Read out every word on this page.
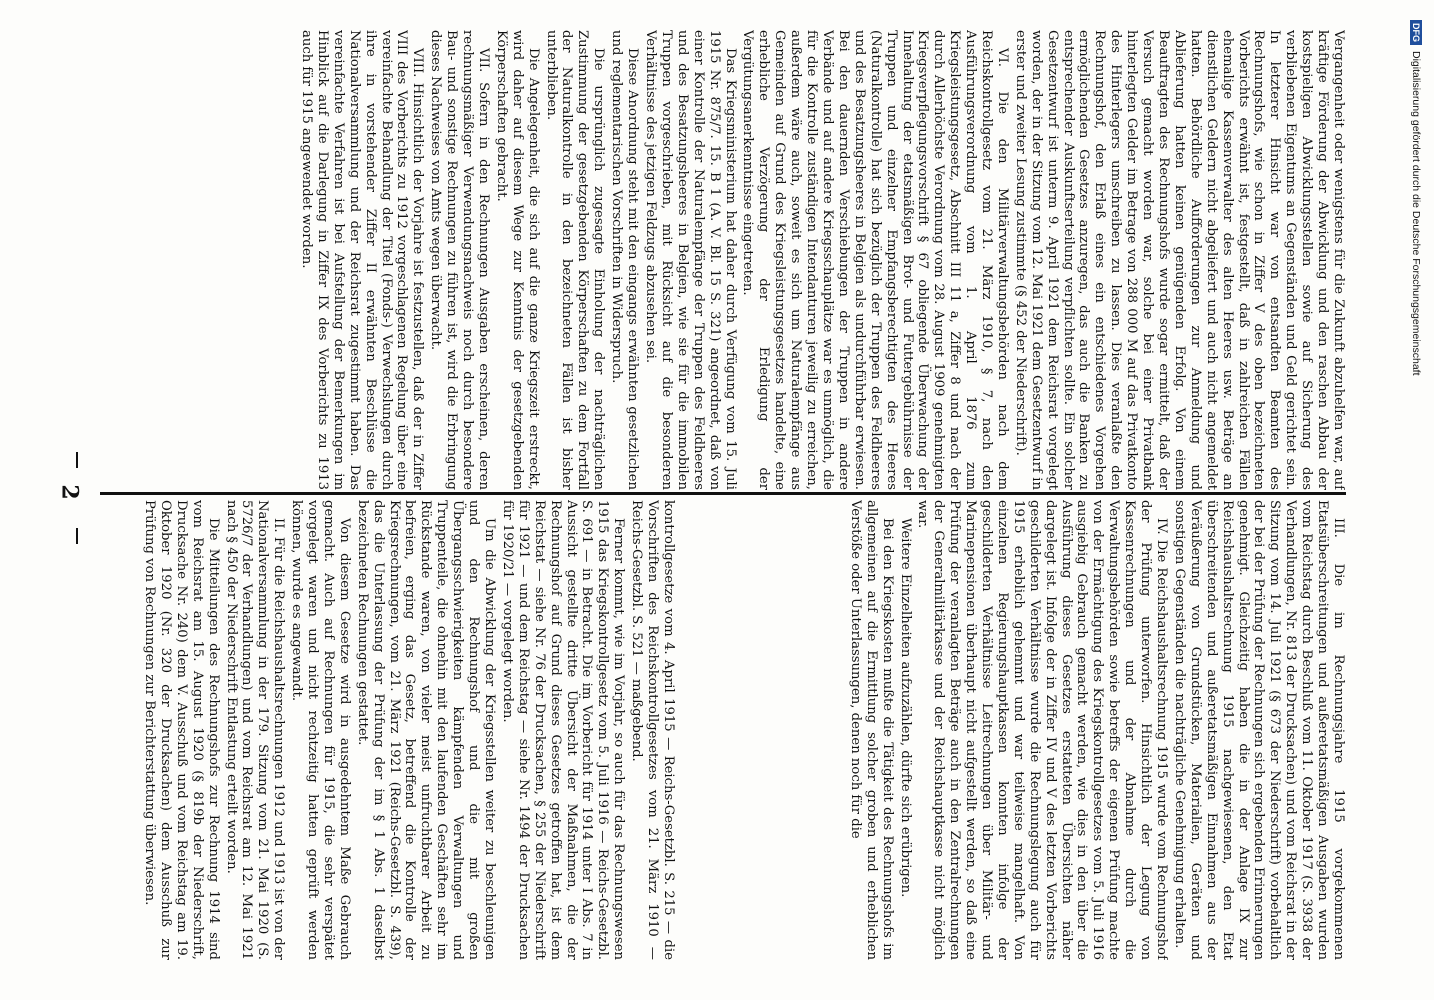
kontrollgesetze vom 4. April 1915 — Reichs-Gesetzbl. S. 215 — die Vorschriften des Reichskontrollgesetzes vom 21. März 1910 — Reichs-Gesetzbl. S. 521 — maßgebend.

Ferner kommt, wie im Vorjahr, so auch für das Rechnungswesen 1915 das Kriegskontrollgesetz vom 5. Juli 1916 — Reichs-Gesetzbl. S. 691 — in Betracht. Die im Vorbericht für 1914 unter I Abs. 7 in Aussicht gestellte dritte Übersicht der Maßnahmen, die der Rechnungshof auf Grund dieses Gesetzes getroffen hat, ist dem Reichstat — siehe Nr. 76 der Drucksachen, § 255 der Niederschrift für 1921 — und dem Reichstag — siehe Nr. 1494 der Drucksachen für 1920/21 — vorgelegt worden.

Um die Abwicklung der Kriegsstellen weiter zu beschleunigen und den Rechnungshof und die mit großen Übergangsschwierigkeiten kämpfenden Verwaltungen und Truppenteile, die ohnehin mit den laufenden Geschäften sehr im Rückstande waren, von vieler meist unfruchtbarer Arbeit zu befreien, erging das Gesetz, betreffend die Kontrolle der Kriegsrechnungen, vom 21. März 1921 (Reichs-Gesetzbl. S. 439), das die Unterlassung der Prüfung der im § 1 Abs. 1 daselbst bezeichneten Rechnungen gestattet.

Von diesem Gesetze wird in ausgedehntem Maße Gebrauch gemacht. Auch auf Rechnungen für 1915, die sehr verspätet vorgelegt waren und nicht rechtzeitig hatten geprüft werden können, wurde es angewandt.

II. Für die Reichshaushaltsrechnungen 1912 und 1913 ist von der Nationalversammlung in der 179. Sitzung vom 21. Mai 1920 (S. 5726/7 der Verhandlungen) und vom Reichsrat am 12. Mai 1921 nach § 450 der Niederschrift Entlastung erteilt worden.

Die Mitteilungen des Rechnungshofs zur Rechnung 1914 sind vom Reichsrat am 15. August 1920 (§ 819b der Niederschrift, Drucksache Nr. 240) dem V. Ausschuß und vom Reichstag am 19. Oktober 1920 (Nr. 320 der Drucksachen) dem Ausschuß zur Prüfung von Rechnungen zur Berichterstattung überwiesen.	III. Die im Rechnungsjahre 1915 vorgekommenen Etatsüberschreitungen und außeretatsmäßigen Ausgaben wurden vom Reichstag durch Beschluß vom 11. Oktober 1917 (S. 3938 der Verhandlungen, Nr. 813 der Drucksachen) und vom Reichsrat in der Sitzung vom 14. Juli 1921 (§ 673 der Niederschrift) vorbehaltlich der bei der Prüfung der Rechnungen sich ergebenden Erinnerungen genehmigt. Gleichzeitig haben die in der Anlage IX zur Reichshaushaltsrechnung 1915 nachgewiesenen, den Etat überschreitenden und außeretatsmäßigen Einnahmen aus der Veräußerung von Grundstücken, Materialien, Geräten und sonstigen Gegenständen die nachträgliche Genehmigung erhalten.

IV. Die Reichshaushaltsrechnung 1915 wurde vom Rechnungshof der Prüfung unterworfen. Hinsichtlich der Legung von Kassenrechnungen und der Abnahme durch die Verwaltungsbehörden sowie betreffs der eigenen Prüfung machte von der Ermächtigung des Kriegskontrollgesetzes vom 5. Juli 1916 ausgiebig Gebrauch gemacht werden, wie dies in den über die Ausführung dieses Gesetzes erstatteten Übersichten näher dargelegt ist. Infolge der in Ziffer IV und V des letzten Vorberichts geschilderten Verhältnisse wurde die Rechnungslegung auch für 1915 erheblich gehemmt und war teilweise mangelhaft. Von einzelnen Regierungshauptkassen konnten infolge der geschilderten Verhältnisse Leitrechnungen über Militär- und Marinepensionen überhaupt nicht aufgestellt werden, so daß eine Prüfung der veranlagten Beträge auch in den Zentralrechnungen der Generalmilitärkasse und der Reichshauptkasse nicht möglich war.

Weitere Einzelheiten aufzuzählen, dürfte sich erübrigen.

Bei den Kriegskosten mußte die Tätigkeit des Rechnungshofs im allgemeinen auf die Ermittlung solcher groben und erheblichen Verstöße oder Unterlassungen, denen noch für die

2
DFG
Digitalisierung gefördert durch die Deutsche Forschungsgemeinschaft

Vergangenheit oder wenigstens für die Zukunft abzuhelfen war, auf kräftige Förderung der Abwicklung und den raschen Abbau der kostspieligen Abwicklungsstellen sowie auf Sicherung des verbliebenen Eigentums an Gegenständen und Geld gerichtet sein. In letzterer Hinsicht war von entsandten Beamten des Rechnungshofs, wie schon in Ziffer V des oben bezeichneten Vorberichts erwähnt ist, festgestellt, daß in zahlreichen Fällen ehemalige Kassenverwalter des alten Heeres usw. Beträge an dienstlichen Geldern nicht abgeliefert und auch nicht angemeldet hatten. Behördliche Aufforderungen zur Anmeldung und Ablieferung hatten keinen genügenden Erfolg. Von einem Beauftragten des Rechnungshofs wurde sogar ermittelt, daß der Versuch gemacht worden war, solche bei einer Privatbank hinterlegten Gelder im Betrage von 288 000 M auf das Privatkonto des Hinterlegers umschreiben zu lassen. Dies veranlaßte den Rechnungshof, den Erlaß eines ein entschiedenes Vorgehen ermöglichenden Gesetzes anzuregen, das auch die Banken zu entsprechender Auskunftserteilung verpflichten sollte. Ein solcher Gesetzentwurf ist unterm 9. April 1921 dem Reichsrat vorgelegt worden, der in der Sitzung vom 12. Mai 1921 dem Gesetzentwurf in erster und zweiter Lesung zustimmte (§ 452 der Niederschrift).

VI. Die den Militärverwaltungsbehörden nach dem Reichskontrollgesetz vom 21. März 1910, § 7, nach den Ausführungsverordnung vom 1. April 1876 zum Kriegsleistungsgesetz, Abschnitt III 11 a, Ziffer 8 und nach der durch Allerhöchste Verordnung vom 28. August 1909 genehmigten Kriegsverpflegungsvorschrift § 67 obliegende Überwachung der Innehaltung der etatsmäßigen Brot- und Futtergebührnisse der Truppen und einzelner Empfangsberechtigten des Heeres (Naturalkontrolle) hat sich bezüglich der Truppen des Feldheeres und des Besatzungsheeres in Belgien als undurchführbar erwiesen. Bei den dauernden Verschiebungen der Truppen in andere Verbände und auf andere Kriegsschauplätze war es unmöglich, die für die Kontrolle zuständigen Intendanturen jeweilig zu erreichen, außerdem wäre auch, soweit es sich um Naturalempfänge aus Gemeinden auf Grund des Kriegsleistungsgesetzes handelte, eine erhebliche Verzögerung der Erledigung der Vergütungsanerkenntnisse eingetreten.

Das Kriegsministerium hat daher durch Verfügung vom 15. Juli 1915 Nr. 875/7. 15. B 1 (A. V. Bl. 15 S. 321) angeordnet, daß von einer Kontrolle der Naturalempfänge der Truppen des Feldheeres und des Besatzungsheeres in Belgien, wie sie für die immobilen Truppen vorgeschrieben, mit Rücksicht auf die besonderen Verhältnisse des jetzigen Feldzugs abzusehen sei.

Diese Anordnung steht mit den eingangs erwähnten gesetzlichen und reglementarischen Vorschriften in Widerspruch.

Die ursprünglich zugesagte Einholung der nachträglichen Zustimmung der gesetzgebenden Körperschaften zu dem Fortfall der Naturalkontrolle in den bezeichneten Fällen ist bisher unterblieben.

Die Angelegenheit, die sich auf die ganze Kriegszeit erstreckt, wird daher auf diesem Wege zur Kenntnis der gesetzgebenden Körperschaften gebracht.

VII. Sofern in den Rechnungen Ausgaben erscheinen, deren rechnungsmäßiger Verwendungsnachweis noch durch besondere Bau- und sonstige Rechnungen zu führen ist, wird die Erbringung dieses Nachweises von Amts wegen überwacht.

VIII. Hinsichtlich der Vorjahre ist festzustellen, daß der in Ziffer VIII des Vorberichts zu 1912 vorgeschlagenen Regelung über eine vereinfachte Behandlung der Titel (Fonds-) Verwechslungen durch ihre in vorstehender Ziffer II erwähnten Beschlüsse die Nationalversammlung und der Reichsrat zugestimmt haben. Das vereinfachte Verfahren ist bei Aufstellung der Bemerkungen im Hinblick auf die Darlegung in Ziffer IX des Vorberichts zu 1913 auch für 1915 angewendet worden.
